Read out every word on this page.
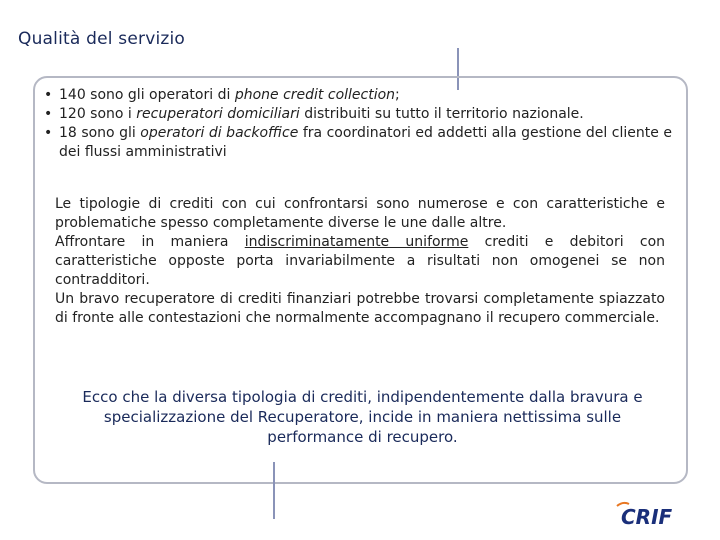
Qualità del servizio
• 140 sono gli operatori di phone credit collection;
• 120 sono i recuperatori domiciliari distribuiti su tutto il territorio nazionale.
• 18 sono gli operatori di backoffice fra coordinatori ed addetti alla gestione del cliente e dei flussi amministrativi

Le tipologie di crediti con cui confrontarsi sono numerose e con caratteristiche e problematiche spesso completamente diverse le une dalle altre.

Affrontare in maniera indiscriminatamente uniforme crediti e debitori con caratteristiche opposte porta invariabilmente a risultati non omogenei se non contradditori.

Un bravo recuperatore di crediti finanziari potrebbe trovarsi completamente spiazzato di fronte alle contestazioni che normalmente accompagnano il recupero commerciale.

Ecco che la diversa tipologia di crediti, indipendentemente dalla bravura e specializzazione del Recuperatore, incide in maniera nettissima sulle performance di recupero.
CRIF
